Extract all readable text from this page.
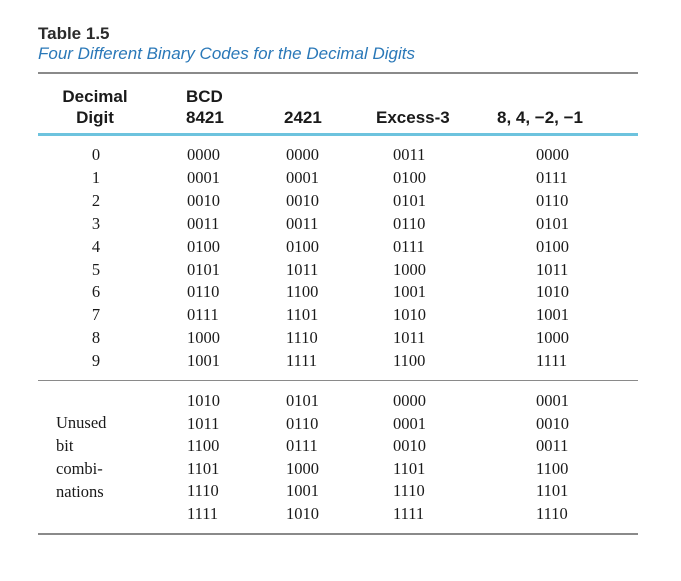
Table 1.5
Four Different Binary Codes for the Decimal Digits
Decimal
Digit
BCD
8421	2421	Excess-3	8, 4, −2, −1
0	0000	0000	0011	0000
1	0001	0001	0100	0111
2	0010	0010	0101	0110
3	0011	0011	0110	0101
4	0100	0100	0111	0100
5	0101	1011	1000	1011
6	0110	1100	1001	1010
7	0111	1101	1010	1001
8	1000	1110	1011	1000
9	1001	1111	1100	1111
Unused
bit
combi-
nations
1010	0101	0000	0001
1011	0110	0001	0010
1100	0111	0010	0011
1101	1000	1101	1100
1110	1001	1110	1101
1111	1010	1111	1110
